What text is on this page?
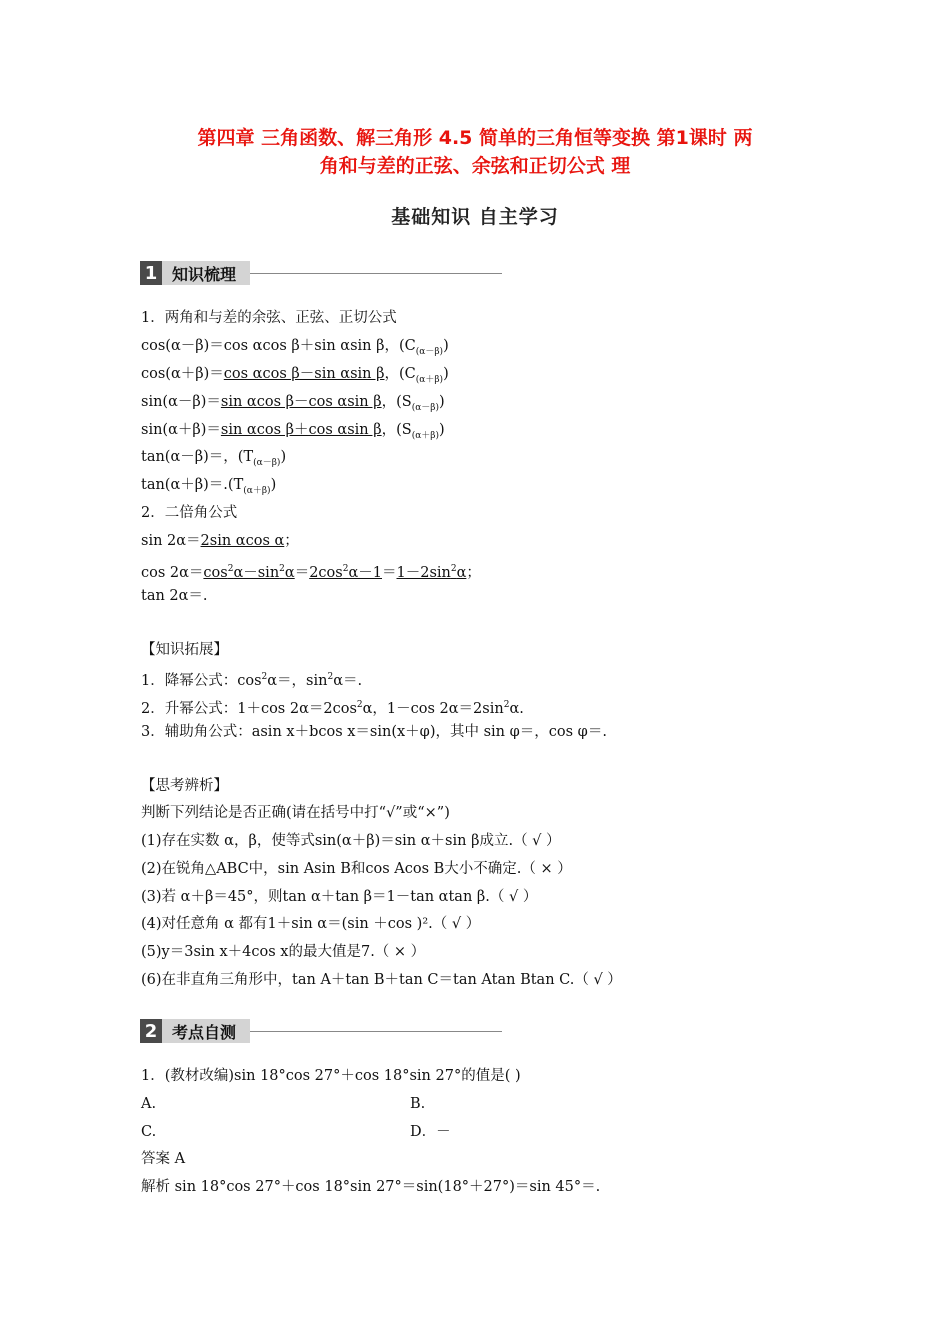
第四章 三角函数、解三角形 4.5 简单的三角恒等变换 第1课时 两
角和与差的正弦、余弦和正切公式 理
基础知识 自主学习
1 知识梳理
1．两角和与差的余弦、正弦、正切公式
cos(α－β)＝cos αcos β＋sin αsin β，$(C_{(\alpha-\beta)})$
cos(α＋β)＝cos αcos β－sin αsin β，$(C_{(\alpha+\beta)})$
sin(α－β)＝sin αcos β－cos αsin β，$(S_{(\alpha-\beta)})$
sin(α＋β)＝sin αcos β＋cos αsin β，$(S_{(\alpha+\beta)})$
tan(α－β)＝，$(T_{(\alpha-\beta)})$
$\tan(\alpha+\beta)=.(T_{(\alpha+\beta)})$
2．二倍角公式
sin 2α＝2sin αcos α；
$\cos 2\alpha=\cos^2\alpha-\sin^2\alpha=2\cos^2\alpha-1=1-2\sin^2\alpha$；
tan 2α＝.
【知识拓展】
1．降幂公式：$\cos^2\alpha=$，$\sin^2\alpha=$.
2．升幂公式：1＋cos $2\alpha=2\cos^2\alpha$，1－cos $2\alpha=2\sin^2\alpha$.
3．辅助角公式：asin x＋bcos x＝sin(x＋φ)，其中 sin φ＝，cos φ＝.
【思考辨析】
判断下列结论是否正确(请在括号中打“√”或“×”)
(1)存在实数 α，β，使等式sin(α＋β)＝sin α＋sin β成立.（ √ ）
(2)在锐角△ABC中，sin Asin B和cos Acos B大小不确定.（ × ）
(3)若 α＋β＝45°，则tan α＋tan β＝1－tan αtan β.（ √ ）
(4)对任意角 α 都有1＋sin α＝(sin ＋cos )².（ √ ）
(5)y＝3sin x＋4cos x的最大值是7.（ × ）
(6)在非直角三角形中，tan A＋tan B＋tan C＝tan Atan Btan C.（ √ ）
2 考点自测
1．(教材改编)sin 18°cos 27°＋cos 18°sin 27°的值是( )
A.	B.
C.	D．－
答案 A
解析 sin 18°cos 27°＋cos 18°sin 27°＝sin(18°＋27°)＝sin 45°＝.
